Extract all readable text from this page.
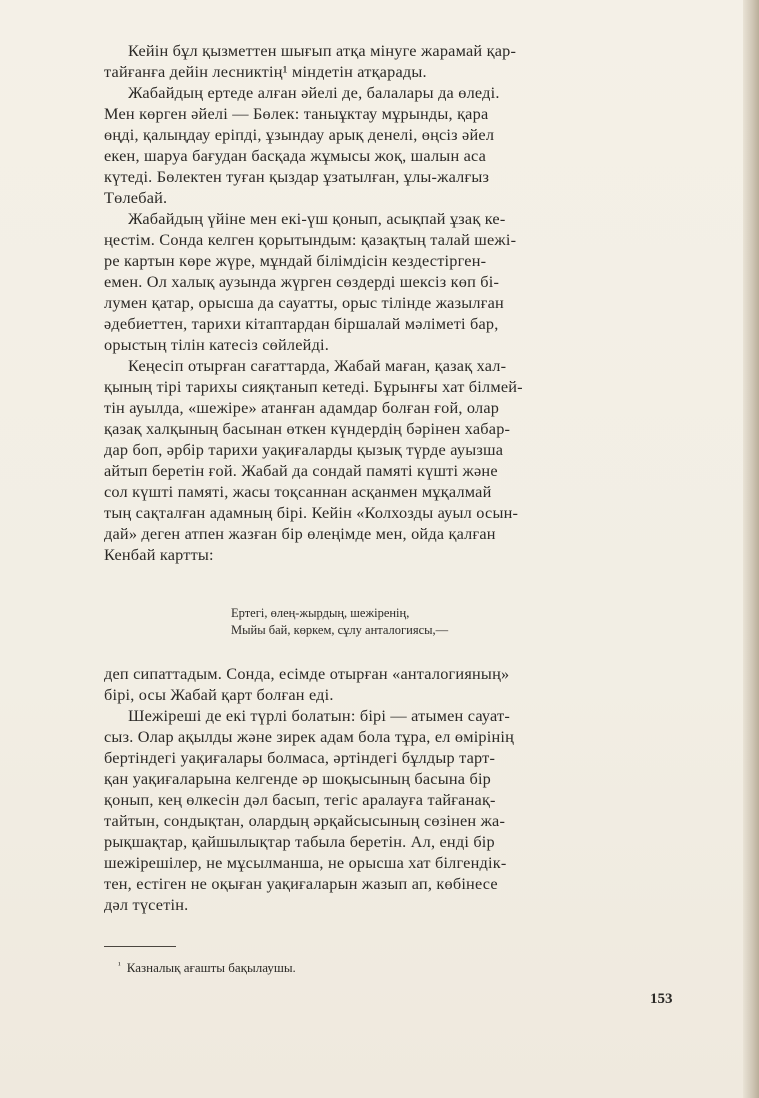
Кейін бұл қызметтен шығып атқа мінуге жарамай қар-
тайғанға дейін лесниктің¹ міндетін атқарады.
Жабайдың ертеде алған әйелі де, балалары да өледі.
Мен көрген әйелі — Бөлек: таныұктау мұрынды, қара
өңді, қалыңдау еріпді, ұзындау арық денелі, өңсіз әйел
екен, шаруа бағудан басқада жұмысы жоқ, шалын аса
күтеді. Бөлектен туған қыздар ұзатылған, ұлы-жалғыз
Төлебай.
Жабайдың үйіне мен екі-үш қонып, асықпай ұзақ ке-
ңестім. Сонда келген қорытындым: қазақтың талай шежі-
ре картын көре жүре, мұндай білімдісін кездестірген-
емен. Ол халық аузында жүрген сөздерді шексіз көп бі-
лумен қатар, орысша да сауатты, орыс тілінде жазылған
әдебиеттен, тарихи кітаптардан біршалай мәліметі бар,
орыстың тілін катесіз сөйлейді.
Кеңесіп отырған сағаттарда, Жабай маған, қазақ хал-
қының тірі тарихы сияқтанып кетеді. Бұрынғы хат білмей-
тін ауылда, «шежіре» атанған адамдар болған ғой, олар
қазақ халқының басынан өткен күндердің бәрінен хабар-
дар боп, әрбір тарихи уақиғаларды қызық түрде ауызша
айтып беретін ғой. Жабай да сондай памяті күшті және
сол күшті памяті, жасы тоқсаннан асқанмен мұқалмай
тың сақталған адамның бірі. Кейін «Колхозды ауыл осын-
дай» деген атпен жазған бір өлеңімде мен, ойда қалған
Кенбай картты:
Ертегі, өлең-жырдың, шежіренің,
Мыйы бай, көркем, сұлу анталогиясы,—
деп сипаттадым. Сонда, есімде отырған «анталогияның»
бірі, осы Жабай қарт болған еді.
Шежіреші де екі түрлі болатын: бірі — атымен сауат-
сыз. Олар ақылды және зирек адам бола тұра, ел өмірінің
бертіндегі уақиғалары болмаса, әртіндегі бұлдыр тарт-
қан уақиғаларына келгенде әр шоқысының басына бір
қонып, кең өлкесін дәл басып, тегіс аралауға тайғанақ-
тайтын, сондықтан, олардың әрқайсысының сөзінен жа-
рықшақтар, қайшылықтар табыла беретін. Ал, енді бір
шежірешілер, не мұсылманша, не орысша хат білгендік-
тен, естіген не оқыған уақиғаларын жазып ап, көбінесе
дәл түсетін.
$^{^1}$ Казналық ағашты бақылаушы.
153
